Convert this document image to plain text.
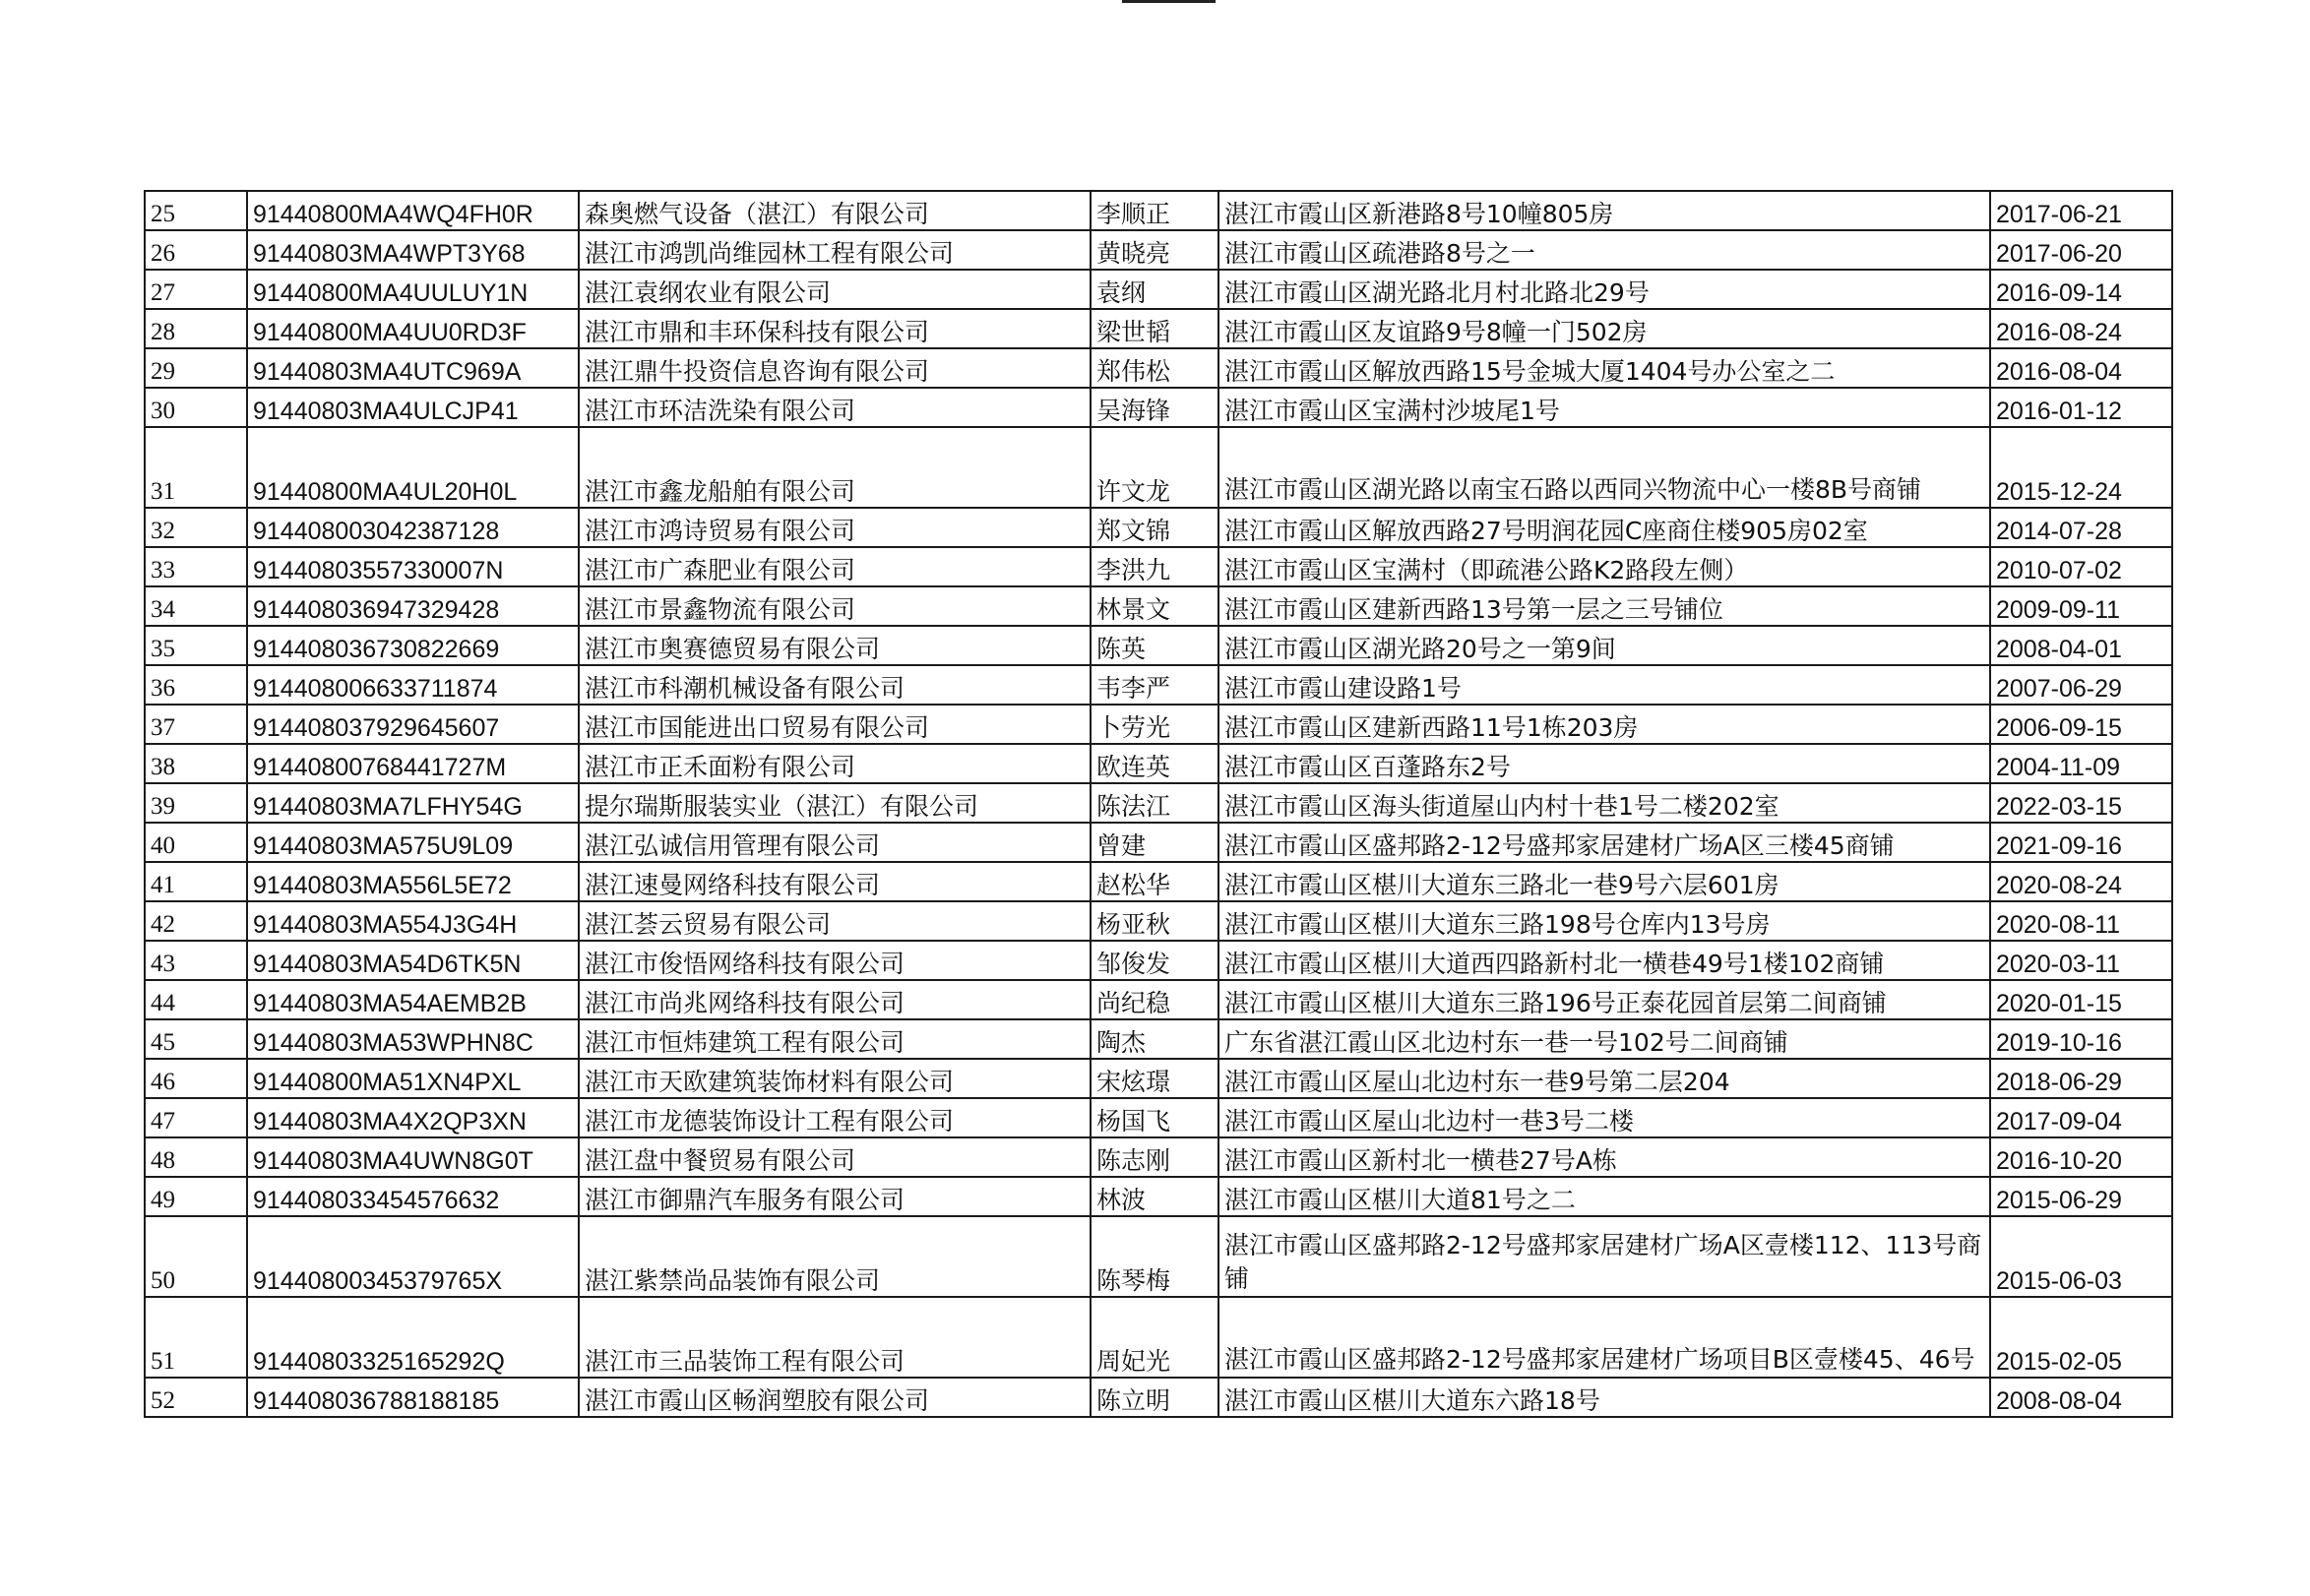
25	91440800MA4WQ4FH0R	森奥燃气设备（湛江）有限公司	李顺正	湛江市霞山区新港路8号10幢805房	2017-06-21
26	91440803MA4WPT3Y68	湛江市鸿凯尚维园林工程有限公司	黄晓亮	湛江市霞山区疏港路8号之一	2017-06-20
27	91440800MA4UULUY1N	湛江袁纲农业有限公司	袁纲	湛江市霞山区湖光路北月村北路北29号	2016-09-14
28	91440800MA4UU0RD3F	湛江市鼎和丰环保科技有限公司	梁世韬	湛江市霞山区友谊路9号8幢一门502房	2016-08-24
29	91440803MA4UTC969A	湛江鼎牛投资信息咨询有限公司	郑伟松	湛江市霞山区解放西路15号金城大厦1404号办公室之二	2016-08-04
30	91440803MA4ULCJP41	湛江市环洁洗染有限公司	吴海锋	湛江市霞山区宝满村沙坡尾1号	2016-01-12
31	91440800MA4UL20H0L	湛江市鑫龙船舶有限公司	许文龙	湛江市霞山区湖光路以南宝石路以西同兴物流中心一楼8B号商铺	2015-12-24
32	914408003042387128	湛江市鸿诗贸易有限公司	郑文锦	湛江市霞山区解放西路27号明润花园C座商住楼905房02室	2014-07-28
33	91440803557330007N	湛江市广森肥业有限公司	李洪九	湛江市霞山区宝满村（即疏港公路K2路段左侧）	2010-07-02
34	914408036947329428	湛江市景鑫物流有限公司	林景文	湛江市霞山区建新西路13号第一层之三号铺位	2009-09-11
35	914408036730822669	湛江市奥赛德贸易有限公司	陈英	湛江市霞山区湖光路20号之一第9间	2008-04-01
36	914408006633711874	湛江市科潮机械设备有限公司	韦李严	湛江市霞山建设路1号	2007-06-29
37	914408037929645607	湛江市国能进出口贸易有限公司	卜劳光	湛江市霞山区建新西路11号1栋203房	2006-09-15
38	91440800768441727M	湛江市正禾面粉有限公司	欧连英	湛江市霞山区百蓬路东2号	2004-11-09
39	91440803MA7LFHY54G	提尔瑞斯服装实业（湛江）有限公司	陈法江	湛江市霞山区海头街道屋山内村十巷1号二楼202室	2022-03-15
40	91440803MA575U9L09	湛江弘诚信用管理有限公司	曾建	湛江市霞山区盛邦路2-12号盛邦家居建材广场A区三楼45商铺	2021-09-16
41	91440803MA556L5E72	湛江速曼网络科技有限公司	赵松华	湛江市霞山区椹川大道东三路北一巷9号六层601房	2020-08-24
42	91440803MA554J3G4H	湛江荟云贸易有限公司	杨亚秋	湛江市霞山区椹川大道东三路198号仓库内13号房	2020-08-11
43	91440803MA54D6TK5N	湛江市俊悟网络科技有限公司	邹俊发	湛江市霞山区椹川大道西四路新村北一横巷49号1楼102商铺	2020-03-11
44	91440803MA54AEMB2B	湛江市尚兆网络科技有限公司	尚纪稳	湛江市霞山区椹川大道东三路196号正泰花园首层第二间商铺	2020-01-15
45	91440803MA53WPHN8C	湛江市恒炜建筑工程有限公司	陶杰	广东省湛江霞山区北边村东一巷一号102号二间商铺	2019-10-16
46	91440800MA51XN4PXL	湛江市天欧建筑装饰材料有限公司	宋炫璟	湛江市霞山区屋山北边村东一巷9号第二层204	2018-06-29
47	91440803MA4X2QP3XN	湛江市龙德装饰设计工程有限公司	杨国飞	湛江市霞山区屋山北边村一巷3号二楼	2017-09-04
48	91440803MA4UWN8G0T	湛江盘中餐贸易有限公司	陈志刚	湛江市霞山区新村北一横巷27号A栋	2016-10-20
49	914408033454576632	湛江市御鼎汽车服务有限公司	林波	湛江市霞山区椹川大道81号之二	2015-06-29
50	91440800345379765X	湛江紫禁尚品装饰有限公司	陈琴梅	湛江市霞山区盛邦路2-12号盛邦家居建材广场A区壹楼112、113号商铺	2015-06-03
51	91440803325165292Q	湛江市三品装饰工程有限公司	周妃光	湛江市霞山区盛邦路2-12号盛邦家居建材广场项目B区壹楼45、46号	2015-02-05
52	914408036788188185	湛江市霞山区畅润塑胶有限公司	陈立明	湛江市霞山区椹川大道东六路18号	2008-08-04
